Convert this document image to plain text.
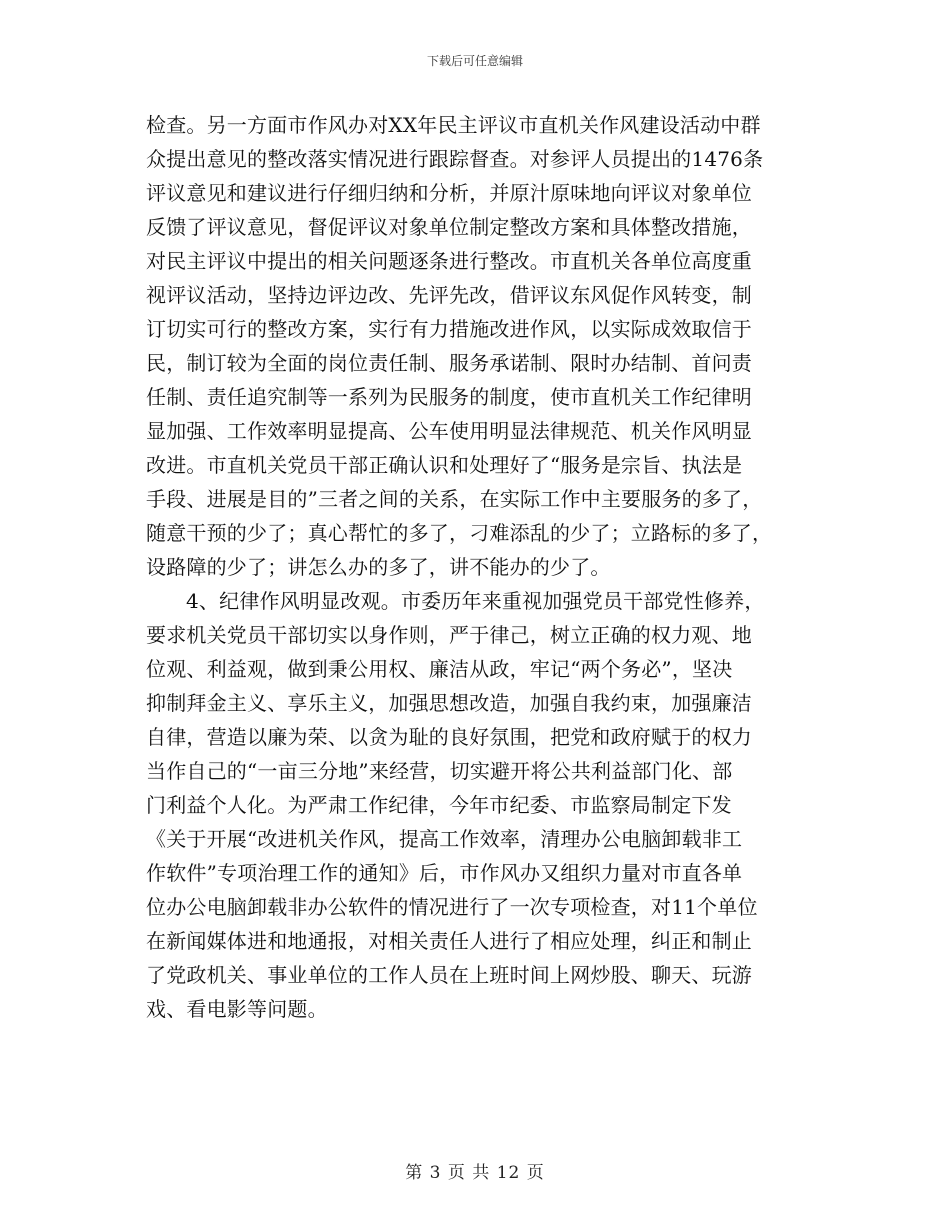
下载后可任意编辑
检查。另一方面市作风办对XX年民主评议市直机关作风建设活动中群
众提出意见的整改落实情况进行跟踪督查。对参评人员提出的1476条
评议意见和建议进行仔细归纳和分析，并原汁原味地向评议对象单位
反馈了评议意见，督促评议对象单位制定整改方案和具体整改措施，
对民主评议中提出的相关问题逐条进行整改。市直机关各单位高度重
视评议活动，坚持边评边改、先评先改，借评议东风促作风转变，制
订切实可行的整改方案，实行有力措施改进作风，以实际成效取信于
民，制订较为全面的岗位责任制、服务承诺制、限时办结制、首问责
任制、责任追究制等一系列为民服务的制度，使市直机关工作纪律明
显加强、工作效率明显提高、公车使用明显法律规范、机关作风明显
改进。市直机关党员干部正确认识和处理好了“服务是宗旨、执法是
手段、进展是目的”三者之间的关系，在实际工作中主要服务的多了，
随意干预的少了；真心帮忙的多了，刁难添乱的少了；立路标的多了，
设路障的少了；讲怎么办的多了，讲不能办的少了。
4、纪律作风明显改观。市委历年来重视加强党员干部党性修养，
要求机关党员干部切实以身作则，严于律己，树立正确的权力观、地
位观、利益观，做到秉公用权、廉洁从政，牢记“两个务必”，坚决
抑制拜金主义、享乐主义，加强思想改造，加强自我约束，加强廉洁
自律，营造以廉为荣、以贪为耻的良好氛围，把党和政府赋于的权力
当作自己的“一亩三分地”来经营，切实避开将公共利益部门化、部
门利益个人化。为严肃工作纪律，今年市纪委、市监察局制定下发
《关于开展“改进机关作风，提高工作效率，清理办公电脑卸载非工
作软件”专项治理工作的通知》后，市作风办又组织力量对市直各单
位办公电脑卸载非办公软件的情况进行了一次专项检查，对11个单位
在新闻媒体进和地通报，对相关责任人进行了相应处理，纠正和制止
了党政机关、事业单位的工作人员在上班时间上网炒股、聊天、玩游
戏、看电影等问题。
第 3 页 共 12 页
